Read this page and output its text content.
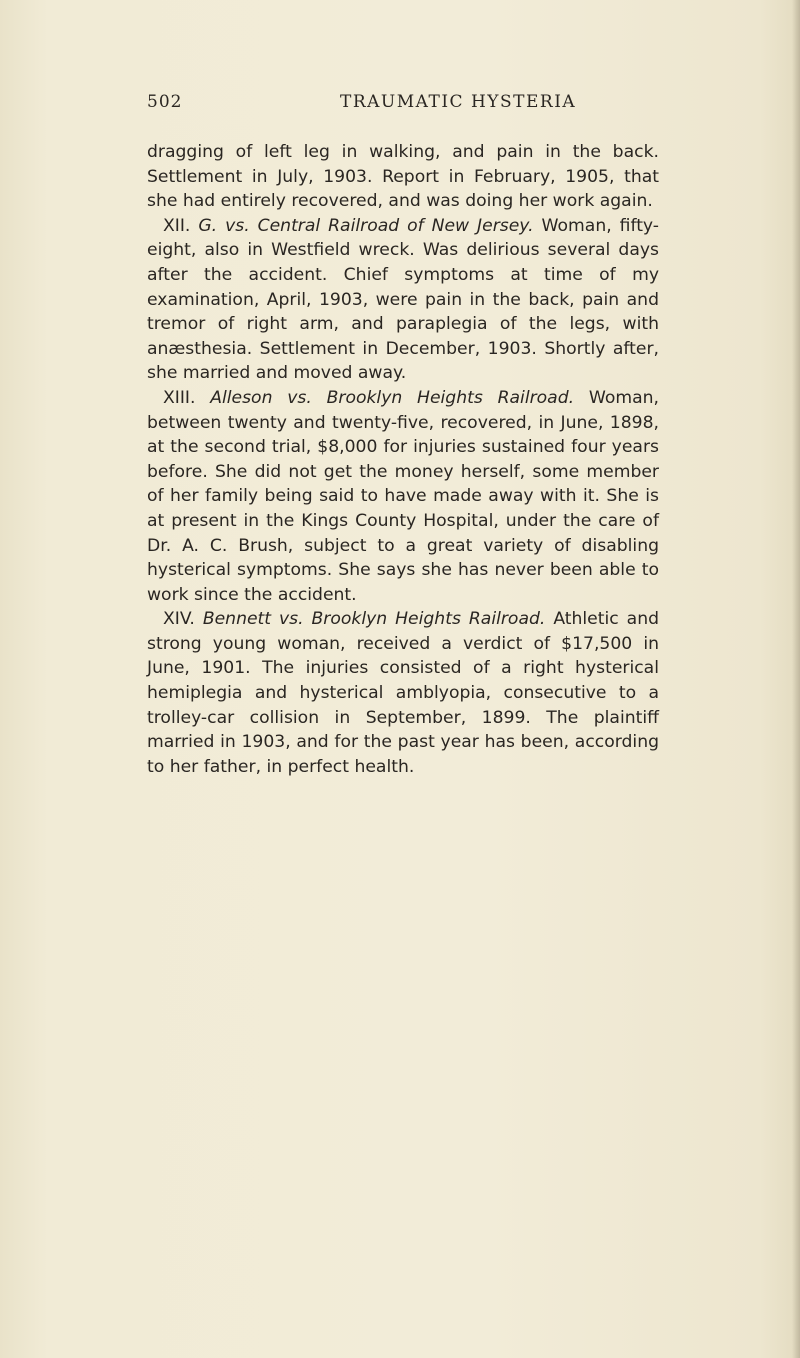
502	TRAUMATIC HYSTERIA

dragging of left leg in walking, and pain in the back. Settlement in July, 1903. Report in February, 1905, that she had entirely recovered, and was doing her work again.

XII. G. vs. Central Railroad of New Jersey. Woman, fifty-eight, also in Westfield wreck. Was delirious several days after the accident. Chief symptoms at time of my examination, April, 1903, were pain in the back, pain and tremor of right arm, and paraplegia of the legs, with anæsthesia. Settlement in December, 1903. Shortly after, she married and moved away.

XIII. Alleson vs. Brooklyn Heights Railroad. Woman, between twenty and twenty-five, recovered, in June, 1898, at the second trial, $8,000 for injuries sustained four years before. She did not get the money herself, some member of her family being said to have made away with it. She is at present in the Kings County Hospital, under the care of Dr. A. C. Brush, subject to a great variety of disabling hysterical symptoms. She says she has never been able to work since the accident.

XIV. Bennett vs. Brooklyn Heights Railroad. Athletic and strong young woman, received a verdict of $17,500 in June, 1901. The injuries consisted of a right hysterical hemiplegia and hysterical amblyopia, consecutive to a trolley-car collision in September, 1899. The plaintiff married in 1903, and for the past year has been, according to her father, in perfect health.
